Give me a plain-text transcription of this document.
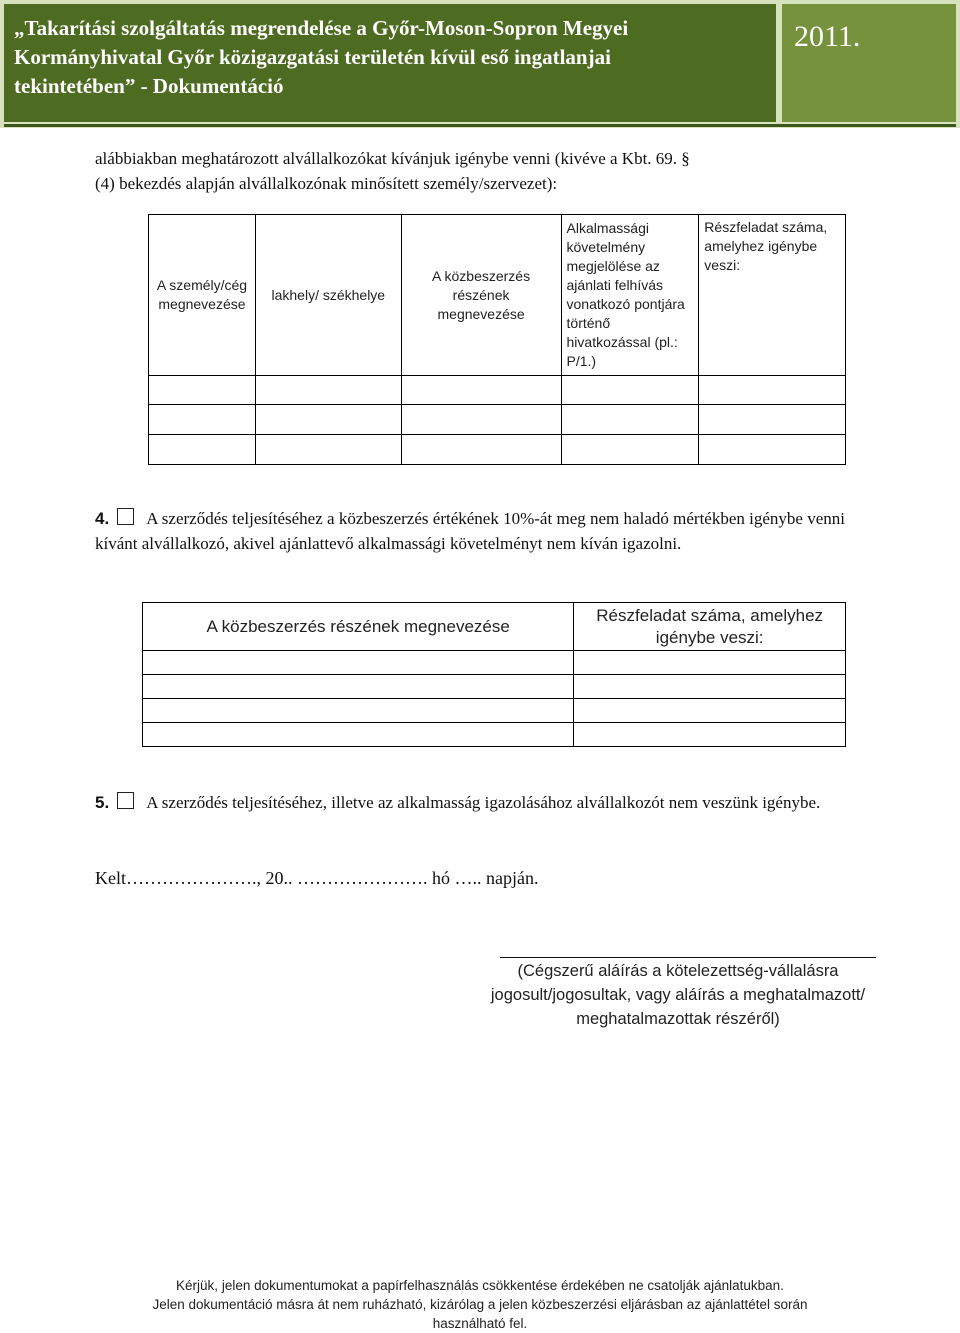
„Takarítási szolgáltatás megrendelése a Győr-Moson-Sopron Megyei
Kormányhivatal Győr közigazgatási területén kívül eső ingatlanjai
tekintetében” - Dokumentáció
2011.
alábbiakban meghatározott alvállalkozókat kívánjuk igénybe venni (kivéve a Kbt. 69. §
(4) bekezdés alapján alvállalkozónak minősített személy/szervezet):
A személy/cég megnevezése	lakhely/ székhelye	A közbeszerzés részének megnevezése	Alkalmassági követelmény megjelölése az ajánlati felhívás vonatkozó pontjára történő hivatkozással (pl.: P/1.)	Részfeladat száma, amelyhez igénybe veszi:

4. A szerződés teljesítéséhez a közbeszerzés értékének 10%-át meg nem haladó mértékben igénybe venni kívánt alvállalkozó, akivel ajánlattevő alkalmassági követelményt nem kíván igazolni.
A közbeszerzés részének megnevezése	Részfeladat száma, amelyhez igénybe veszi:

5. A szerződés teljesítéséhez, illetve az alkalmasság igazolásához alvállalkozót nem veszünk igénybe.
Kelt…………………., 20.. …………………. hó ….. napján.
(Cégszerű aláírás a kötelezettség-vállalásra
jogosult/jogosultak, vagy aláírás a meghatalmazott/
meghatalmazottak részéről)
Kérjük, jelen dokumentumokat a papírfelhasználás csökkentése érdekében ne csatolják ajánlatukban.
Jelen dokumentáció másra át nem ruházható, kizárólag a jelen közbeszerzési eljárásban az ajánlattétel során
használható fel.
